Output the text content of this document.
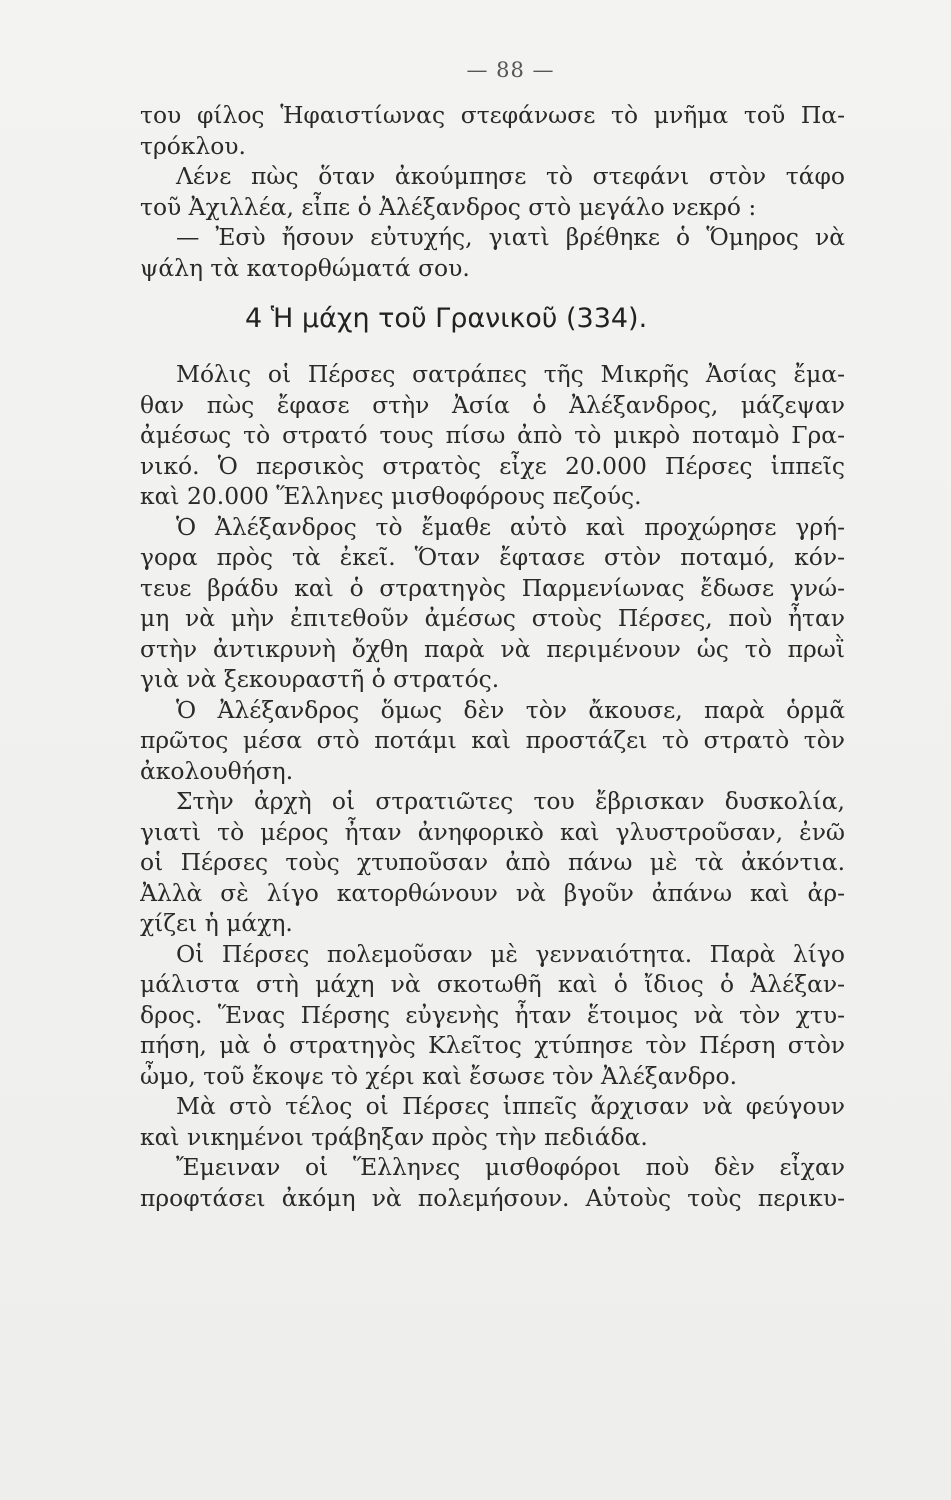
— 88 —
του φίλος Ἡφαιστίωνας στεφάνωσε τὸ μνῆμα τοῦ Πα-
τρόκλου.
Λένε πὼς ὅταν ἀκούμπησε τὸ στεφάνι στὸν τάφο
τοῦ Ἀχιλλέα, εἶπε ὁ Ἀλέξανδρος στὸ μεγάλο νεκρό :
— Ἐσὺ ἤσουν εὐτυχής, γιατὶ βρέθηκε ὁ Ὅμηρος νὰ
ψάλη τὰ κατορθώματά σου.
4 Ἡ μάχη τοῦ Γρανικοῦ (334).
Μόλις οἱ Πέρσες σατράπες τῆς Μικρῆς Ἀσίας ἔμα-
θαν πὼς ἔφασε στὴν Ἀσία ὁ Ἀλέξανδρος, μάζεψαν
ἀμέσως τὸ στρατό τους πίσω ἀπὸ τὸ μικρὸ ποταμὸ Γρα-
νικό. Ὁ περσικὸς στρατὸς εἶχε 20.000 Πέρσες ἱππεῖς
καὶ 20.000 Ἕλληνες μισθοφόρους πεζούς.
Ὁ Ἀλέξανδρος τὸ ἔμαθε αὐτὸ καὶ προχώρησε γρή-
γορα πρὸς τὰ ἐκεῖ. Ὅταν ἔφτασε στὸν ποταμό, κόν-
τευε βράδυ καὶ ὁ στρατηγὸς Παρμενίωνας ἔδωσε γνώ-
μη νὰ μὴν ἐπιτεθοῦν ἀμέσως στοὺς Πέρσες, ποὺ ἦταν
στὴν ἀντικρυνὴ ὄχθη παρὰ νὰ περιμένουν ὡς τὸ πρωῒ
γιὰ νὰ ξεκουραστῆ ὁ στρατός.
Ὁ Ἀλέξανδρος ὅμως δὲν τὸν ἄκουσε, παρὰ ὁρμᾶ
πρῶτος μέσα στὸ ποτάμι καὶ προστάζει τὸ στρατὸ τὸν
ἀκολουθήση.
Στὴν ἀρχὴ οἱ στρατιῶτες του ἔβρισκαν δυσκολία,
γιατὶ τὸ μέρος ἦταν ἀνηφορικὸ καὶ γλυστροῦσαν, ἐνῶ
οἱ Πέρσες τοὺς χτυποῦσαν ἀπὸ πάνω μὲ τὰ ἀκόντια.
Ἀλλὰ σὲ λίγο κατορθώνουν νὰ βγοῦν ἀπάνω καὶ ἀρ-
χίζει ἡ μάχη.
Οἱ Πέρσες πολεμοῦσαν μὲ γενναιότητα. Παρὰ λίγο
μάλιστα στὴ μάχη νὰ σκοτωθῆ καὶ ὁ ἴδιος ὁ Ἀλέξαν-
δρος. Ἕνας Πέρσης εὐγενὴς ἦταν ἕτοιμος νὰ τὸν χτυ-
πήση, μὰ ὁ στρατηγὸς Κλεῖτος χτύπησε τὸν Πέρση στὸν
ὦμο, τοῦ ἔκοψε τὸ χέρι καὶ ἔσωσε τὸν Ἀλέξανδρο.
Μὰ στὸ τέλος οἱ Πέρσες ἱππεῖς ἄρχισαν νὰ φεύγουν
καὶ νικημένοι τράβηξαν πρὸς τὴν πεδιάδα.
Ἔμειναν οἱ Ἕλληνες μισθοφόροι ποὺ δὲν εἶχαν
προφτάσει ἀκόμη νὰ πολεμήσουν. Αὐτοὺς τοὺς περικυ-
